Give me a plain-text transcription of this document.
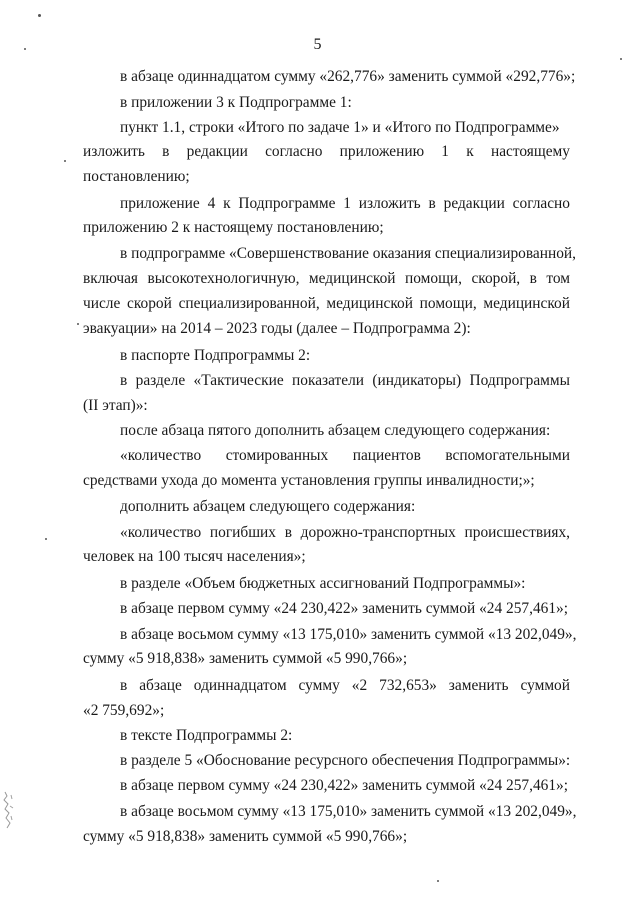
5
в абзаце одиннадцатом сумму «262,776» заменить суммой «292,776»;
в приложении 3 к Подпрограмме 1:
пункт 1.1, строки «Итого по задаче 1» и «Итого по Подпрограмме»
изложить в редакции согласно приложению 1 к настоящему
постановлению;
приложение 4 к Подпрограмме 1 изложить в редакции согласно
приложению 2 к настоящему постановлению;
в подпрограмме «Совершенствование оказания специализированной,
включая высокотехнологичную, медицинской помощи, скорой, в том
числе скорой специализированной, медицинской помощи, медицинской
эвакуации» на 2014 – 2023 годы (далее – Подпрограмма 2):
в паспорте Подпрограммы 2:
в разделе «Тактические показатели (индикаторы) Подпрограммы
(II этап)»:
после абзаца пятого дополнить абзацем следующего содержания:
«количество стомированных пациентов вспомогательными
средствами ухода до момента установления группы инвалидности;»;
дополнить абзацем следующего содержания:
«количество погибших в дорожно-транспортных происшествиях,
человек на 100 тысяч населения»;
в разделе «Объем бюджетных ассигнований Подпрограммы»:
в абзаце первом сумму «24 230,422» заменить суммой «24 257,461»;
в абзаце восьмом сумму «13 175,010» заменить суммой «13 202,049»,
сумму «5 918,838» заменить суммой «5 990,766»;
в абзаце одиннадцатом сумму «2 732,653» заменить суммой
«2 759,692»;
в тексте Подпрограммы 2:
в разделе 5 «Обоснование ресурсного обеспечения Подпрограммы»:
в абзаце первом сумму «24 230,422» заменить суммой «24 257,461»;
в абзаце восьмом сумму «13 175,010» заменить суммой «13 202,049»,
сумму «5 918,838» заменить суммой «5 990,766»;
